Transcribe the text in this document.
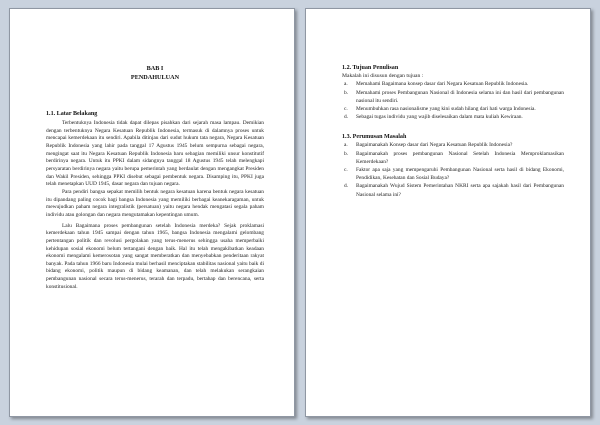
BAB I
PENDAHULUAN
1.1. Latar Belakang

Terbentuknya Indonesia tidak dapat dilepas pisahkan dari sejarah masa lampau. Demikian dengan terbentuknya Negara Kesatuan Republik Indonesia, termasuk di dalamnya proses untuk mencapai kemerdekaan itu sendiri. Apabila ditinjau dari sudut hukum tata negara, Negara Kesatuan Republik Indonesia yang lahir pada tanggal 17 Agustus 1945 belum sempurna sebagai negara, mengingat saat itu Negara Kesatuan Republik Indonesia baru sebagian memiliki unsur konstitutif berdirinya negara. Untuk itu PPKI dalam sidangnya tanggal 18 Agustus 1945 telah melengkapi persyaratan berdirinya negara yaitu berupa pemerintah yang berdaulat dengan mengangkat Presiden dan Wakil Presiden, sehingga PPKI disebut sebagai pembentuk negara. Disamping itu, PPKI juga telah menetapkan UUD 1945, dasar negara dan tujuan negara.

Para pendiri bangsa sepakat memilih bentuk negara kesatuan karena bentuk negara kesatuan itu dipandang paling cocok bagi bangsa Indonesia yang memiliki berbagai keanekaragaman, untuk mewujudkan paham negara integralistik (persatuan) yaitu negara hendak mengatasi segala paham individu atau golongan dan negara mengutamakan kepentingan umum.

Lalu Bagaimana proses pembangunan setelah Indonesia merdeka? Sejak proklamasi kemerdekaan tahun 1945 sampai dengan tahun 1965, bangsa Indonesia mengalami gelombang pertentangan politik dan revolusi pergolakan yang terus-menerus sehingga usaha memperbaiki kehidupan sosial ekonomi belum tertangani dengan baik. Hal itu telah mengakibatkan keadaan ekonomi mengalami kemerosotan yang sangat memberatkan dan menyebabkan penderitaan rakyat banyak. Pada tahun 1966 baru Indonesia mulai berhasil menciptakan stabilitas nasional yaitu baik di bidang ekonomi, politik maupun di bidang keamanan, dan telah melakukan serangkaian pembangunan nasional secara terus-menerus, terarah dan terpadu, bertahap dan berencana, serta konstitusional.

1.2. Tujuan Penulisan
Makalah ini disusun dengan tujuan :
a. Memahami Bagaimana konsep dasar dari Negara Kesatuan Republik Indonesia.
b. Memahami proses Pembangunan Nasional di Indonesia selama ini dan hasil dari pembangunan nasional itu sendiri.
c. Menumbuhkan rasa nasionalisme yang kini sudah hilang dari hati warga Indonesia.
d. Sebagai tugas individu yang wajib diselesaikan dalam mata kuliah Kewiraan.
1.3. Perumusan Masalah
a. Bagaimanakah Konsep dasar dari Negara Kesatuan Republik Indonesia?
b. Bagaimanakah proses pembangunan Nasional Setelah Indonesia Memproklamasikan Kemerdekaan?
c. Faktor apa saja yang mempengaruhi Pembangunan Nasional serta hasil di bidang Ekonomi, Pendidikan, Kesehatan dan Sosial Budaya?
d. Bagaimanakah Wujud Sistem Pemerintahan NKRI serta apa sajakah hasil dari Pembangunan Nasional selama ini?
